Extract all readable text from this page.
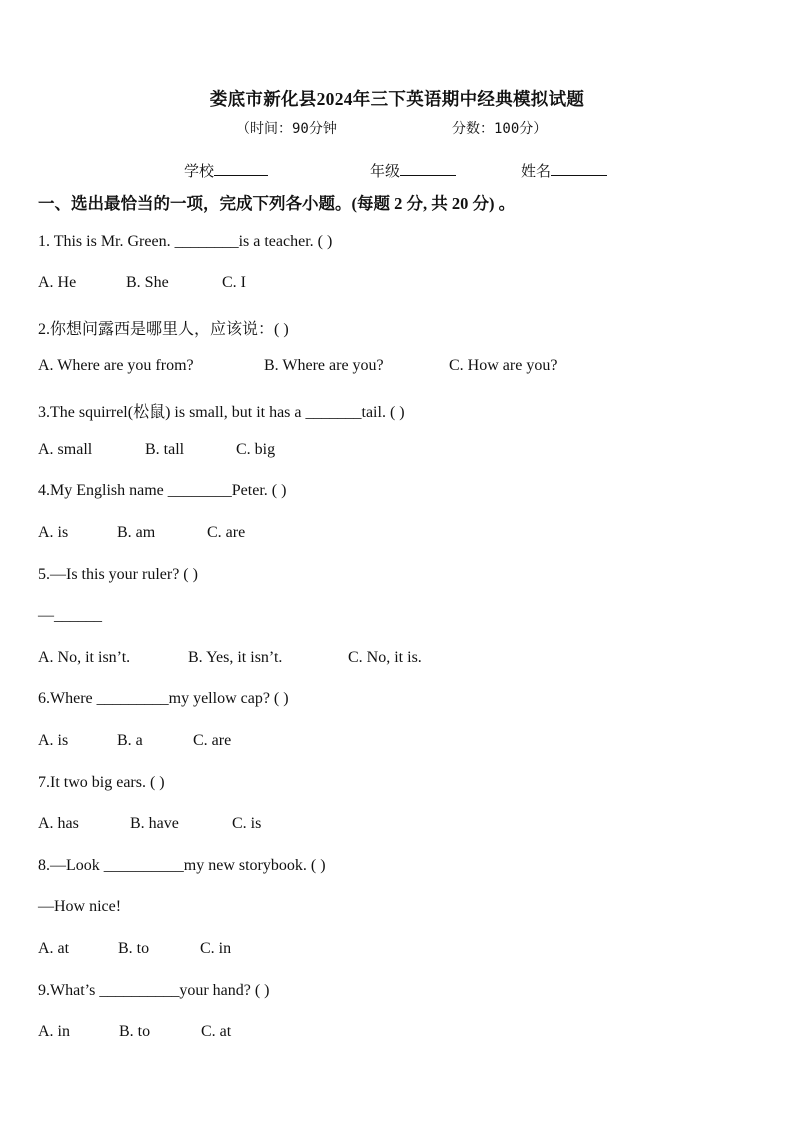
娄底市新化县2024年三下英语期中经典模拟试题
（时间：90分钟	分数：100分）
学校	年级	姓名
一、选出最恰当的一项，完成下列各小题。(每题 2 分, 共 20 分) 。
1. This is Mr. Green. ________is a teacher. ( )
A. He	B. She	C. I
2.你想问露西是哪里人，应该说：( )
A. Where are you from?	B. Where are you?	C. How are you?
3.The squirrel(松鼠) is small, but it has a _______tail. ( )
A. small	B. tall	C. big
4.My English name ________Peter. ( )
A. is	B. am	C. are
5.—Is this your ruler? ( )
—______
A. No, it isn’t.	B. Yes, it isn’t.	C. No, it is.
6.Where _________my yellow cap? ( )
A. is	B. a	C. are
7.It two big ears. ( )
A. has	B. have	C. is
8.—Look __________my new storybook. ( )
—How nice!
A. at	B. to	C. in
9.What’s __________your hand? ( )
A. in	B. to	C. at
